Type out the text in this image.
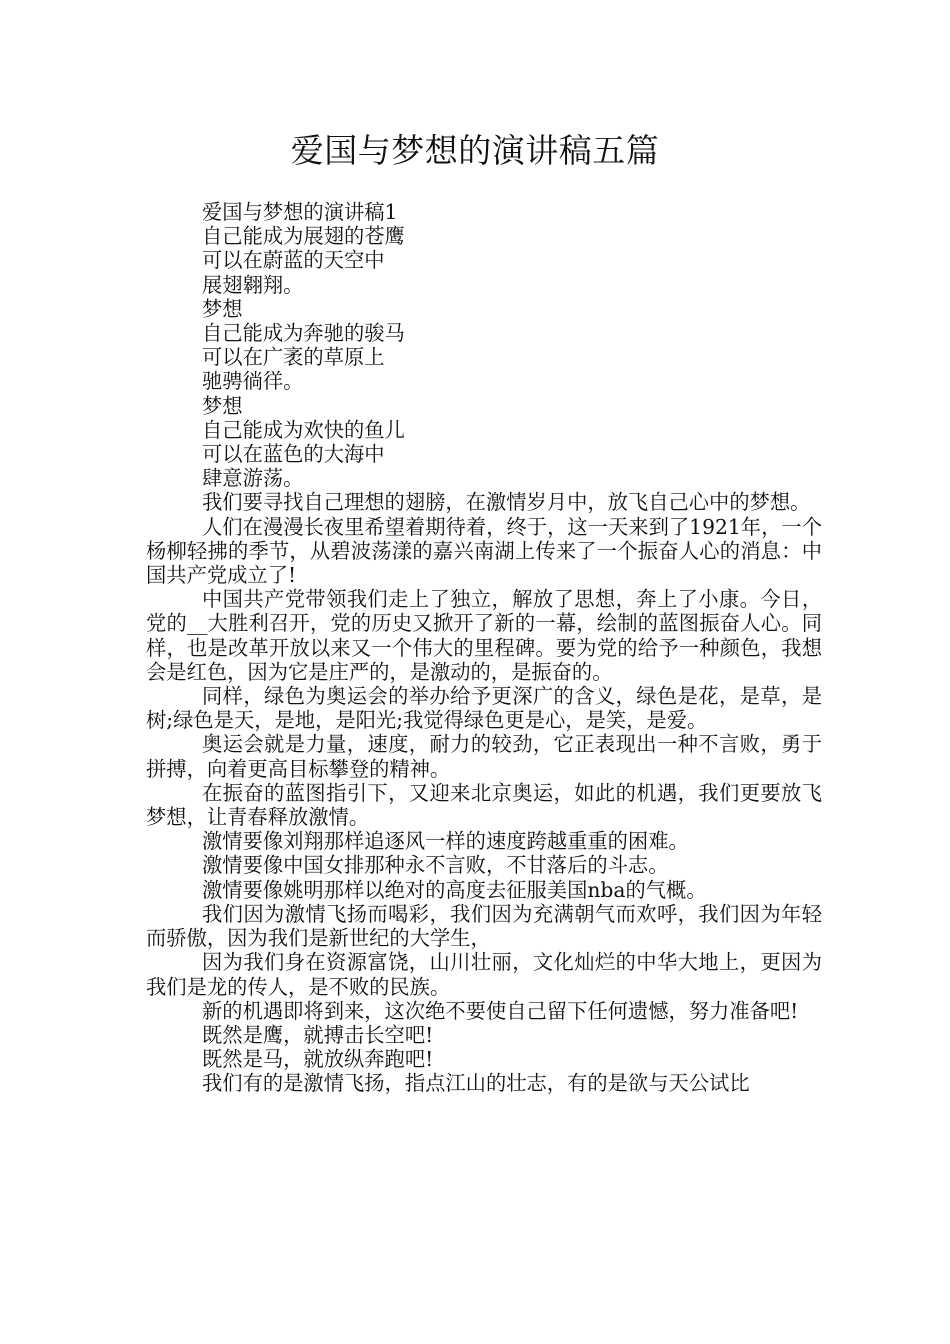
爱国与梦想的演讲稿五篇

爱国与梦想的演讲稿1

自己能成为展翅的苍鹰

可以在蔚蓝的天空中

展翅翱翔。

梦想

自己能成为奔驰的骏马

可以在广袤的草原上

驰骋徜徉。

梦想

自己能成为欢快的鱼儿

可以在蓝色的大海中

肆意游荡。

我们要寻找自己理想的翅膀，在激情岁月中，放飞自己心中的梦想。

人们在漫漫长夜里希望着期待着，终于，这一天来到了1921年，一个杨柳轻拂的季节，从碧波荡漾的嘉兴南湖上传来了一个振奋人心的消息：中国共产党成立了!

中国共产党带领我们走上了独立，解放了思想，奔上了小康。今日，党的__大胜利召开，党的历史又掀开了新的一幕，绘制的蓝图振奋人心。同样，也是改革开放以来又一个伟大的里程碑。要为党的给予一种颜色，我想会是红色，因为它是庄严的，是激动的，是振奋的。

同样，绿色为奥运会的举办给予更深广的含义，绿色是花，是草，是树;绿色是天，是地，是阳光;我觉得绿色更是心，是笑，是爱。

奥运会就是力量，速度，耐力的较劲，它正表现出一种不言败，勇于拼搏，向着更高目标攀登的精神。

在振奋的蓝图指引下，又迎来北京奥运，如此的机遇，我们更要放飞梦想，让青春释放激情。

激情要像刘翔那样追逐风一样的速度跨越重重的困难。

激情要像中国女排那种永不言败，不甘落后的斗志。

激情要像姚明那样以绝对的高度去征服美国nba的气概。

我们因为激情飞扬而喝彩，我们因为充满朝气而欢呼，我们因为年轻而骄傲，因为我们是新世纪的大学生，

因为我们身在资源富饶，山川壮丽，文化灿烂的中华大地上，更因为我们是龙的传人，是不败的民族。

新的机遇即将到来，这次绝不要使自己留下任何遗憾，努力准备吧!

既然是鹰，就搏击长空吧!

既然是马，就放纵奔跑吧!

我们有的是激情飞扬，指点江山的壮志，有的是欲与天公试比
